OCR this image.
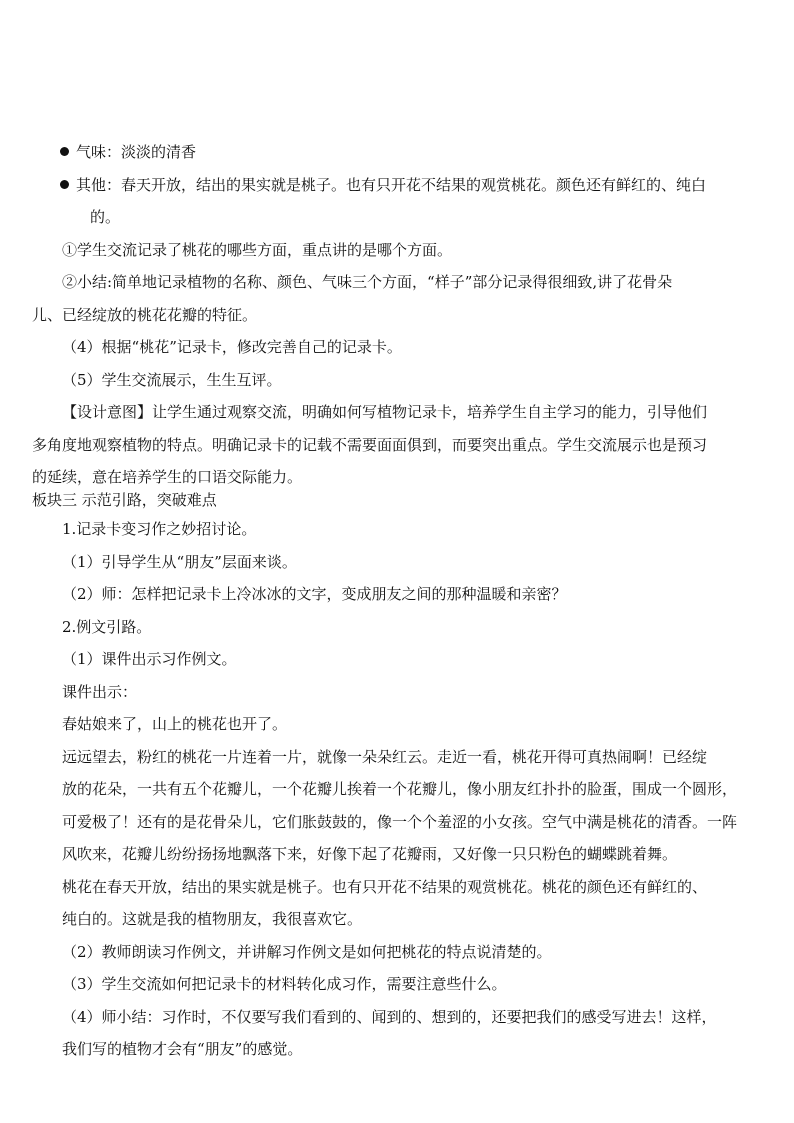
气味：淡淡的清香
其他：春天开放，结出的果实就是桃子。也有只开花不结果的观赏桃花。颜色还有鲜红的、纯白
的。
①学生交流记录了桃花的哪些方面，重点讲的是哪个方面。
②小结:简单地记录植物的名称、颜色、气味三个方面，“样子”部分记录得很细致,讲了花骨朵
儿、已经绽放的桃花花瓣的特征。
（4）根据“桃花”记录卡，修改完善自己的记录卡。
（5）学生交流展示，生生互评。
【设计意图】让学生通过观察交流，明确如何写植物记录卡，培养学生自主学习的能力，引导他们
多角度地观察植物的特点。明确记录卡的记载不需要面面俱到，而要突出重点。学生交流展示也是预习
的延续，意在培养学生的口语交际能力。
板块三 示范引路，突破难点
1.记录卡变习作之妙招讨论。
（1）引导学生从“朋友”层面来谈。
（2）师：怎样把记录卡上冷冰冰的文字，变成朋友之间的那种温暖和亲密？
2.例文引路。
（1）课件出示习作例文。
课件出示：
春姑娘来了，山上的桃花也开了。
远远望去，粉红的桃花一片连着一片，就像一朵朵红云。走近一看，桃花开得可真热闹啊！已经绽
放的花朵，一共有五个花瓣儿，一个花瓣儿挨着一个花瓣儿，像小朋友红扑扑的脸蛋，围成一个圆形，
可爱极了！还有的是花骨朵儿，它们胀鼓鼓的，像一个个羞涩的小女孩。空气中满是桃花的清香。一阵
风吹来，花瓣儿纷纷扬扬地飘落下来，好像下起了花瓣雨，又好像一只只粉色的蝴蝶跳着舞。
桃花在春天开放，结出的果实就是桃子。也有只开花不结果的观赏桃花。桃花的颜色还有鲜红的、
纯白的。这就是我的植物朋友，我很喜欢它。
（2）教师朗读习作例文，并讲解习作例文是如何把桃花的特点说清楚的。
（3）学生交流如何把记录卡的材料转化成习作，需要注意些什么。
（4）师小结：习作时，不仅要写我们看到的、闻到的、想到的，还要把我们的感受写进去！这样，
我们写的植物才会有“朋友”的感觉。
